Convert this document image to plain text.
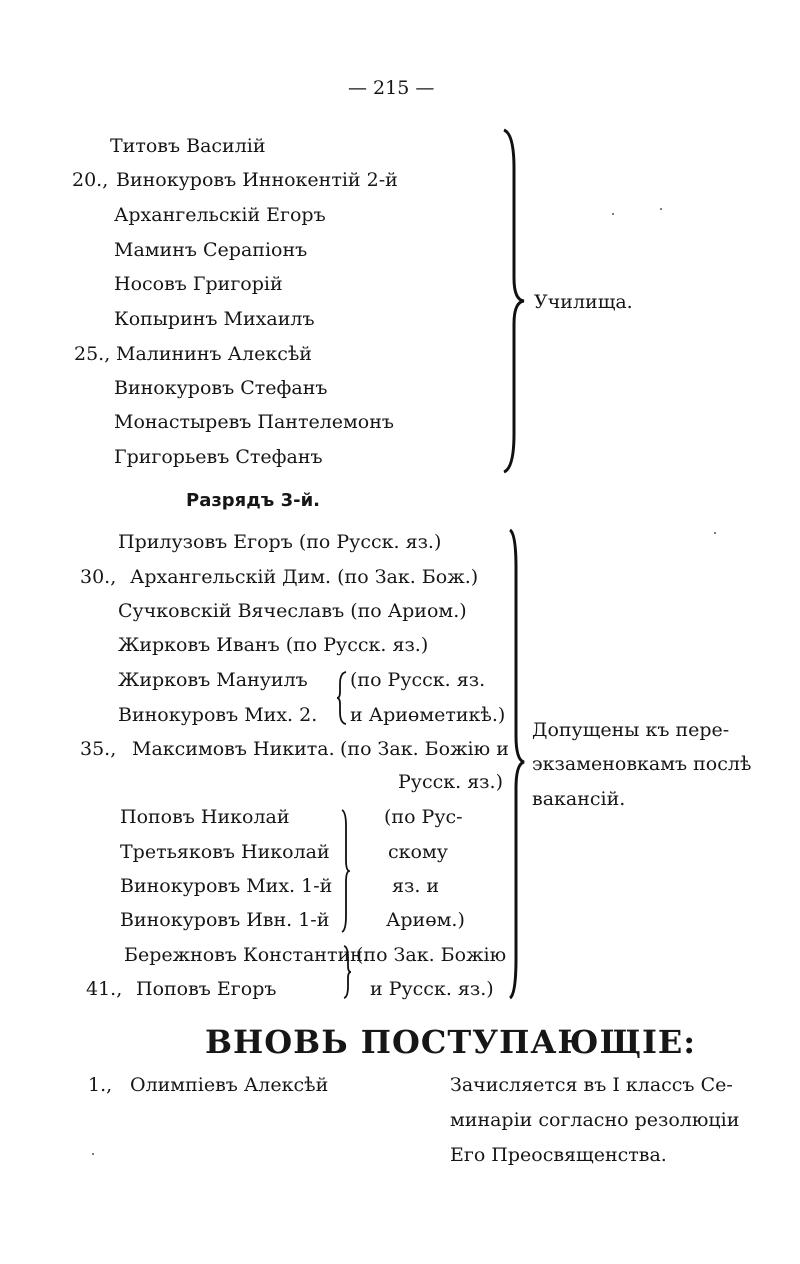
— 215 —
Титовъ Василій
20., Винокуровъ Иннокентій 2-й
Архангельскій Егоръ
Маминъ Серапіонъ
Носовъ Григорій
Копыринъ Михаилъ
25., Малининъ Алексѣй
Винокуровъ Стефанъ
Монастыревъ Пантелемонъ
Григорьевъ Стефанъ
Училища.
Разрядъ 3-й.
Прилузовъ Егоръ (по Русск. яз.)
30., Архангельскій Дим. (по Зак. Бож.)
Сучковскій Вячеславъ (по Ариом.)
Жирковъ Иванъ (по Русск. яз.)
Жирковъ Мануилъ
Винокуровъ Мих. 2.
(по Русск. яз.
и Ариөметикѣ.)
35., Максимовъ Никита. (по Зак. Божію и
Русск. яз.)
Поповъ Николай
Третьяковъ Николай
Винокуровъ Мих. 1-й
Винокуровъ Ивн. 1-й
(по Рус-
скому
яз. и
Ариөм.)
Бережновъ Константин.
41., Поповъ Егоръ
(по Зак. Божію
и Русск. яз.)
Допущены къ пере-
экзаменовкамъ послѣ
вакансій.
ВНОВЬ ПОСТУПАЮЩІЕ:
1., Олимпіевъ Алексѣй	Зачисляется въ I классъ Се-
минаріи согласно резолюціи
Его Преосвященства.
